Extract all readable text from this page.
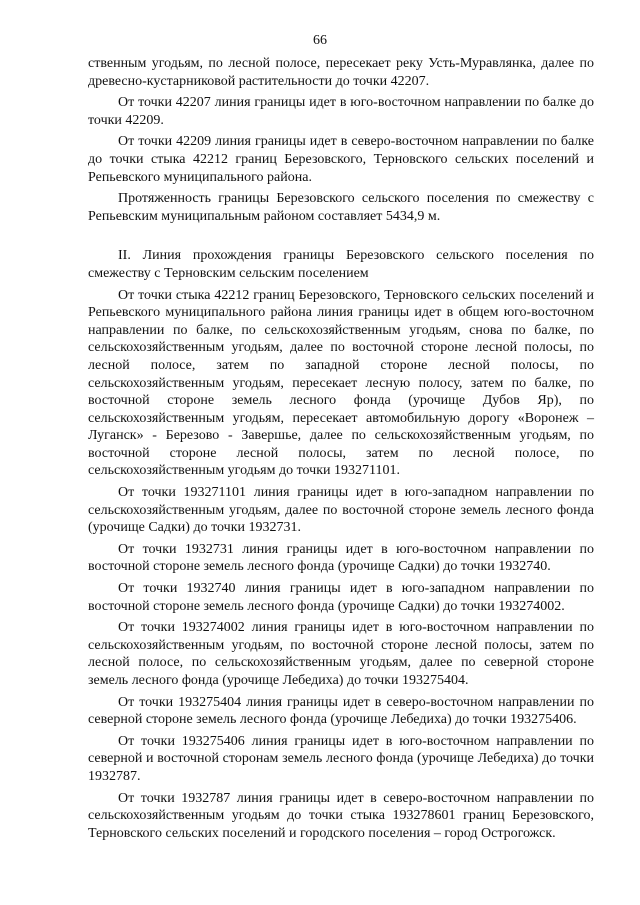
66

ственным угодьям, по лесной полосе, пересекает реку Усть-Муравлянка, далее по древесно-кустарниковой растительности до точки 42207.

От точки 42207 линия границы идет в юго-восточном направлении по балке до точки 42209.

От точки 42209 линия границы идет в северо-восточном направлении по балке до точки стыка 42212 границ Березовского, Терновского сельских поселений и Репьевского муниципального района.

Протяженность границы Березовского сельского поселения по смежеству с Репьевским муниципальным районом составляет 5434,9 м.

II. Линия прохождения границы Березовского сельского поселения по смежеству с Терновским сельским поселением

От точки стыка 42212 границ Березовского, Терновского сельских поселений и Репьевского муниципального района линия границы идет в общем юго-восточном направлении по балке, по сельскохозяйственным угодьям, снова по балке, по сельскохозяйственным угодьям, далее по восточной стороне лесной полосы, по лесной полосе, затем по западной стороне лесной полосы, по сельскохозяйственным угодьям, пересекает лесную полосу, затем по балке, по восточной стороне земель лесного фонда (урочище Дубов Яр), по сельскохозяйственным угодьям, пересекает автомобильную дорогу «Воронеж – Луганск» - Березово - Завершье, далее по сельскохозяйственным угодьям, по восточной стороне лесной полосы, затем по лесной полосе, по сельскохозяйственным угодьям до точки 193271101.

От точки 193271101 линия границы идет в юго-западном направлении по сельскохозяйственным угодьям, далее по восточной стороне земель лесного фонда (урочище Садки) до точки 1932731.

От точки 1932731 линия границы идет в юго-восточном направлении по восточной стороне земель лесного фонда (урочище Садки) до точки 1932740.

От точки 1932740 линия границы идет в юго-западном направлении по восточной стороне земель лесного фонда (урочище Садки) до точки 193274002.

От точки 193274002 линия границы идет в юго-восточном направлении по сельскохозяйственным угодьям, по восточной стороне лесной полосы, затем по лесной полосе, по сельскохозяйственным угодьям, далее по северной стороне земель лесного фонда (урочище Лебедиха) до точки 193275404.

От точки 193275404 линия границы идет в северо-восточном направлении по северной стороне земель лесного фонда (урочище Лебедиха) до точки 193275406.

От точки 193275406 линия границы идет в юго-восточном направлении по северной и восточной сторонам земель лесного фонда (урочище Лебедиха) до точки 1932787.

От точки 1932787 линия границы идет в северо-восточном направлении по сельскохозяйственным угодьям до точки стыка 193278601 границ Березовского, Терновского сельских поселений и городского поселения – город Острогожск.
